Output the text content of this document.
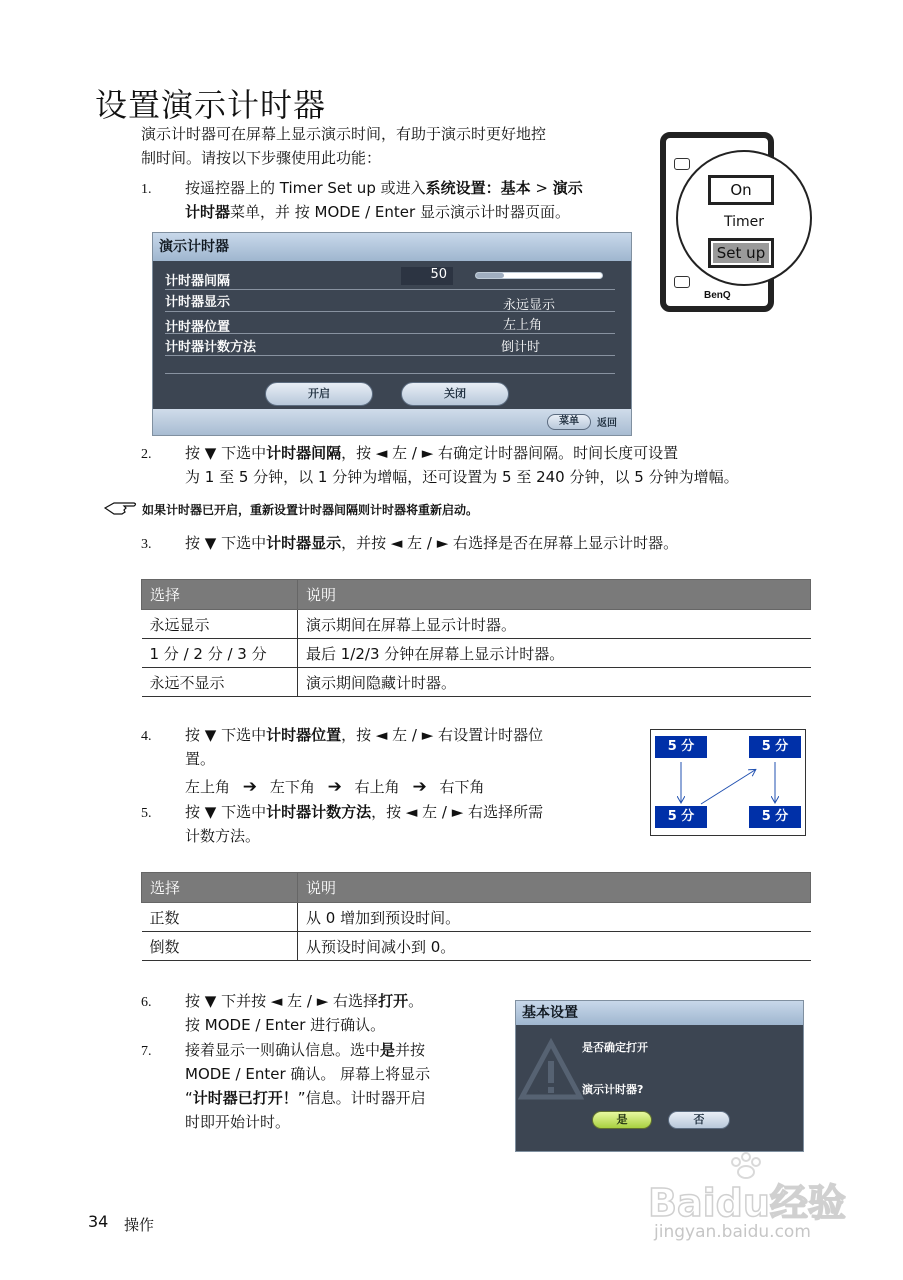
设置演示计时器
演示计时器可在屏幕上显示演示时间，有助于演示时更好地控
制时间。请按以下步骤使用此功能：
1. 按遥控器上的 Timer Set up 或进入系统设置：基本 > 演示
计时器菜单，并 按 MODE / Enter 显示演示计时器页面。
BenQ
On
Timer
Set up
演示计时器
计时器间隔	50
计时器显示	永远显示
计时器位置	左上角
计时器计数方法	倒计时
开启	关闭
菜单	返回
2. 按 ▼ 下选中计时器间隔，按 ◄ 左 / ► 右确定计时器间隔。时间长度可设置
为 1 至 5 分钟，以 1 分钟为增幅，还可设置为 5 至 240 分钟，以 5 分钟为增幅。
如果计时器已开启，重新设置计时器间隔则计时器将重新启动。
3. 按 ▼ 下选中计时器显示，并按 ◄ 左 / ► 右选择是否在屏幕上显示计时器。
选择	说明
永远显示	演示期间在屏幕上显示计时器。
1 分 / 2 分 / 3 分	最后 1/2/3 分钟在屏幕上显示计时器。
永远不显示	演示期间隐藏计时器。
4. 按 ▼ 下选中计时器位置，按 ◄ 左 / ► 右设置计时器位
置。
左上角 ➔ 左下角 ➔ 右上角 ➔ 右下角
5 分	5 分
5 分	5 分
5. 按 ▼ 下选中计时器计数方法，按 ◄ 左 / ► 右选择所需
计数方法。
选择	说明
正数	从 0 增加到预设时间。
倒数	从预设时间减小到 0。
6. 按 ▼ 下并按 ◄ 左 / ► 右选择打开。
按 MODE / Enter 进行确认。
7. 接着显示一则确认信息。选中是并按
MODE / Enter 确认。 屏幕上将显示
“计时器已打开！”信息。计时器开启
时即开始计时。
基本设置
是否确定打开
演示计时器?
是	否
34 操作	Baidu经验
jingyan.baidu.com
